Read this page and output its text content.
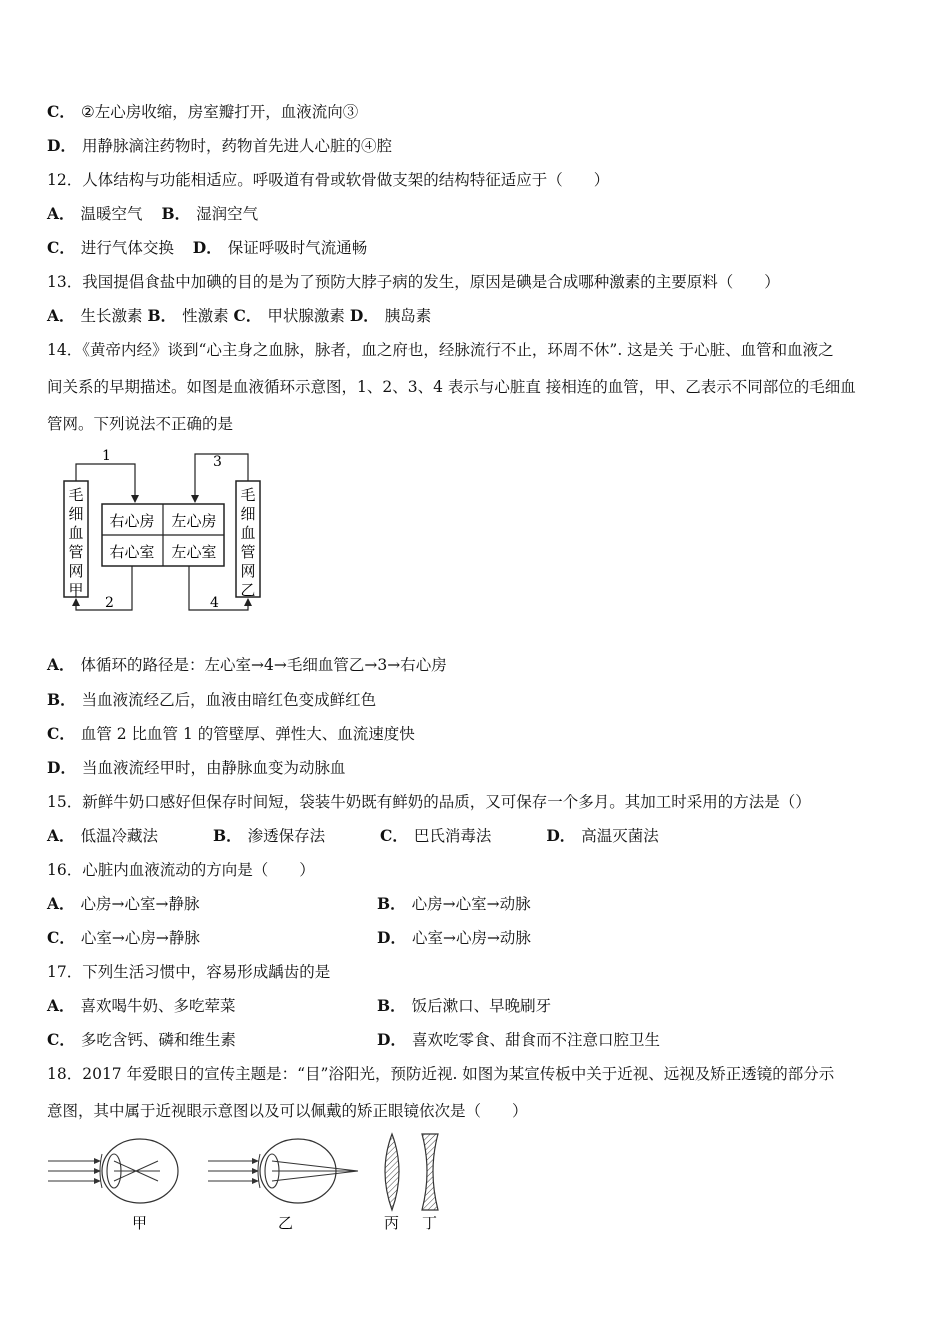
C． ②左心房收缩，房室瓣打开，血液流向③
D． 用静脉滴注药物时，药物首先进人心脏的④腔
12．人体结构与功能相适应。呼吸道有骨或软骨做支架的结构特征适应于（　　）
A． 温暖空气 B． 湿润空气
C． 进行气体交换 D． 保证呼吸时气流通畅
13．我国提倡食盐中加碘的目的是为了预防大脖子病的发生，原因是碘是合成哪种激素的主要原料（　　）
A． 生长激素 B． 性激素 C． 甲状腺激素 D． 胰岛素
14．《黄帝内经》谈到“心主身之血脉，脉者，血之府也，经脉流行不止，环周不休”. 这是关 于心脏、血管和血液之
间关系的早期描述。如图是血液循环示意图，1、2、3、4 表示与心脏直 接相连的血管，甲、乙表示不同部位的毛细血
管网。下列说法不正确的是
右心房 左心房
右心室 左心室
1	3
2	4
毛
细
血
管
网
甲
毛
细
血
管
网
乙
A． 体循环的路径是：左心室→4→毛细血管乙→3→右心房
B． 当血液流经乙后，血液由暗红色变成鲜红色
C． 血管 2 比血管 1 的管壁厚、弹性大、血流速度快
D． 当血液流经甲时，由静脉血变为动脉血
15．新鲜牛奶口感好但保存时间短，袋装牛奶既有鲜奶的品质，又可保存一个多月。其加工时采用的方法是（）
A． 低温冷藏法	B． 渗透保存法	C． 巴氏消毒法	D． 高温灭菌法
16．心脏内血液流动的方向是（　　）
A． 心房→心室→静脉	B． 心房→心室→动脉
C． 心室→心房→静脉	D． 心室→心房→动脉
17．下列生活习惯中，容易形成龋齿的是
A． 喜欢喝牛奶、多吃荤菜	B． 饭后漱口、早晚刷牙
C． 多吃含钙、磷和维生素	D． 喜欢吃零食、甜食而不注意口腔卫生
18．2017 年爱眼日的宣传主题是：“目”浴阳光，预防近视. 如图为某宣传板中关于近视、远视及矫正透镜的部分示
意图，其中属于近视眼示意图以及可以佩戴的矫正眼镜依次是（　　）
甲	乙	丙 丁
